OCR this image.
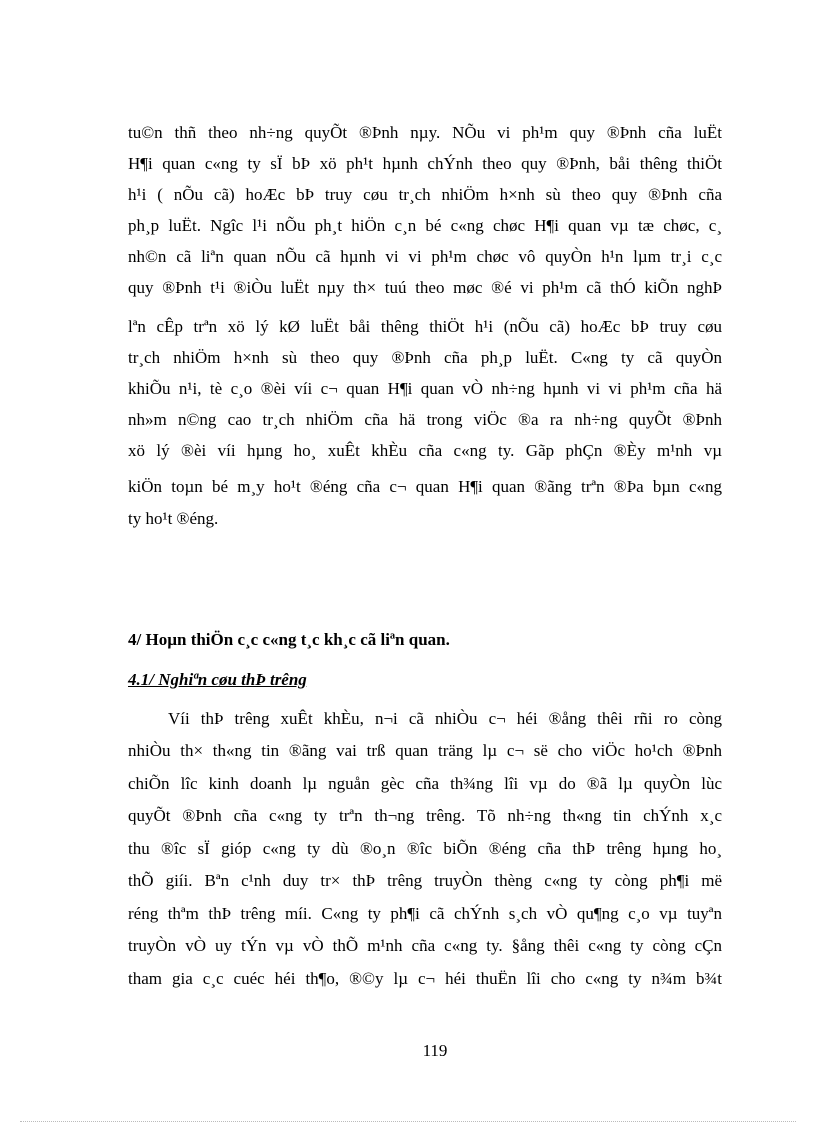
tu©n thñ theo nh÷ng quyÕt ®Þnh nµy. NÕu vi ph¹m quy ®Þnh cña luËt
H¶i quan c«ng ty sÏ bÞ xö ph¹t hµnh chÝnh theo quy ®Þnh, båi thêng thiÖt
h¹i ( nÕu cã) hoÆc bÞ truy cøu tr¸ch nhiÖm h×nh sù theo quy ®Þnh cña
ph¸p luËt. Ngîc l¹i nÕu ph¸t hiÖn c¸n bé c«ng chøc H¶i quan vµ tæ chøc, c¸
nh©n cã liªn quan nÕu cã hµnh vi vi ph¹m chøc vô quyÒn h¹n lµm tr¸i c¸c
quy ®Þnh t¹i ®iÒu luËt nµy th× tuú theo møc ®é vi ph¹m cã thÓ kiÕn nghÞ
lªn cÊp trªn xö lý kØ luËt båi thêng thiÖt h¹i (nÕu cã) hoÆc bÞ truy cøu
tr¸ch nhiÖm h×nh sù theo quy ®Þnh cña ph¸p luËt. C«ng ty cã quyÒn
khiÕu n¹i, tè c¸o ®èi víi c¬ quan H¶i quan vÒ nh÷ng hµnh vi vi ph¹m cña hä
nh»m n©ng cao tr¸ch nhiÖm cña hä trong viÖc ®a ra nh÷ng quyÕt ®Þnh
xö lý ®èi víi hµng ho¸ xuÊt khÈu cña c«ng ty. Gãp phÇn ®Èy m¹nh vµ
kiÖn toµn bé m¸y ho¹t ®éng cña c¬ quan H¶i quan ®ãng trªn ®Þa bµn c«ng
ty ho¹t ®éng.
4/ Hoµn thiÖn c¸c c«ng t¸c kh¸c cã liªn quan.
4.1/ Nghiªn cøu thÞ trêng
Víi thÞ trêng xuÊt khÈu, n¬i cã nhiÒu c¬ héi ®ång thêi rñi ro còng
nhiÒu th× th«ng tin ®ãng vai trß quan träng lµ c¬ së cho viÖc ho¹ch ®Þnh
chiÕn lîc kinh doanh lµ nguån gèc cña th¾ng lîi vµ do ®ã lµ quyÒn lùc
quyÕt ®Þnh cña c«ng ty trªn th¬ng trêng. Tõ nh÷ng th«ng tin chÝnh x¸c
thu ®îc sÏ gióp c«ng ty dù ®o¸n ®îc biÕn ®éng cña thÞ trêng hµng ho¸
thÕ giíi. Bªn c¹nh duy tr× thÞ trêng truyÒn thèng c«ng ty còng ph¶i më
réng thªm thÞ trêng míi. C«ng ty ph¶i cã chÝnh s¸ch vÒ qu¶ng c¸o vµ tuyªn
truyÒn vÒ uy tÝn vµ vÒ thÕ m¹nh cña c«ng ty. §ång thêi c«ng ty còng cÇn
tham gia c¸c cuéc héi th¶o, ®©y lµ c¬ héi thuËn lîi cho c«ng ty n¾m b¾t
119
